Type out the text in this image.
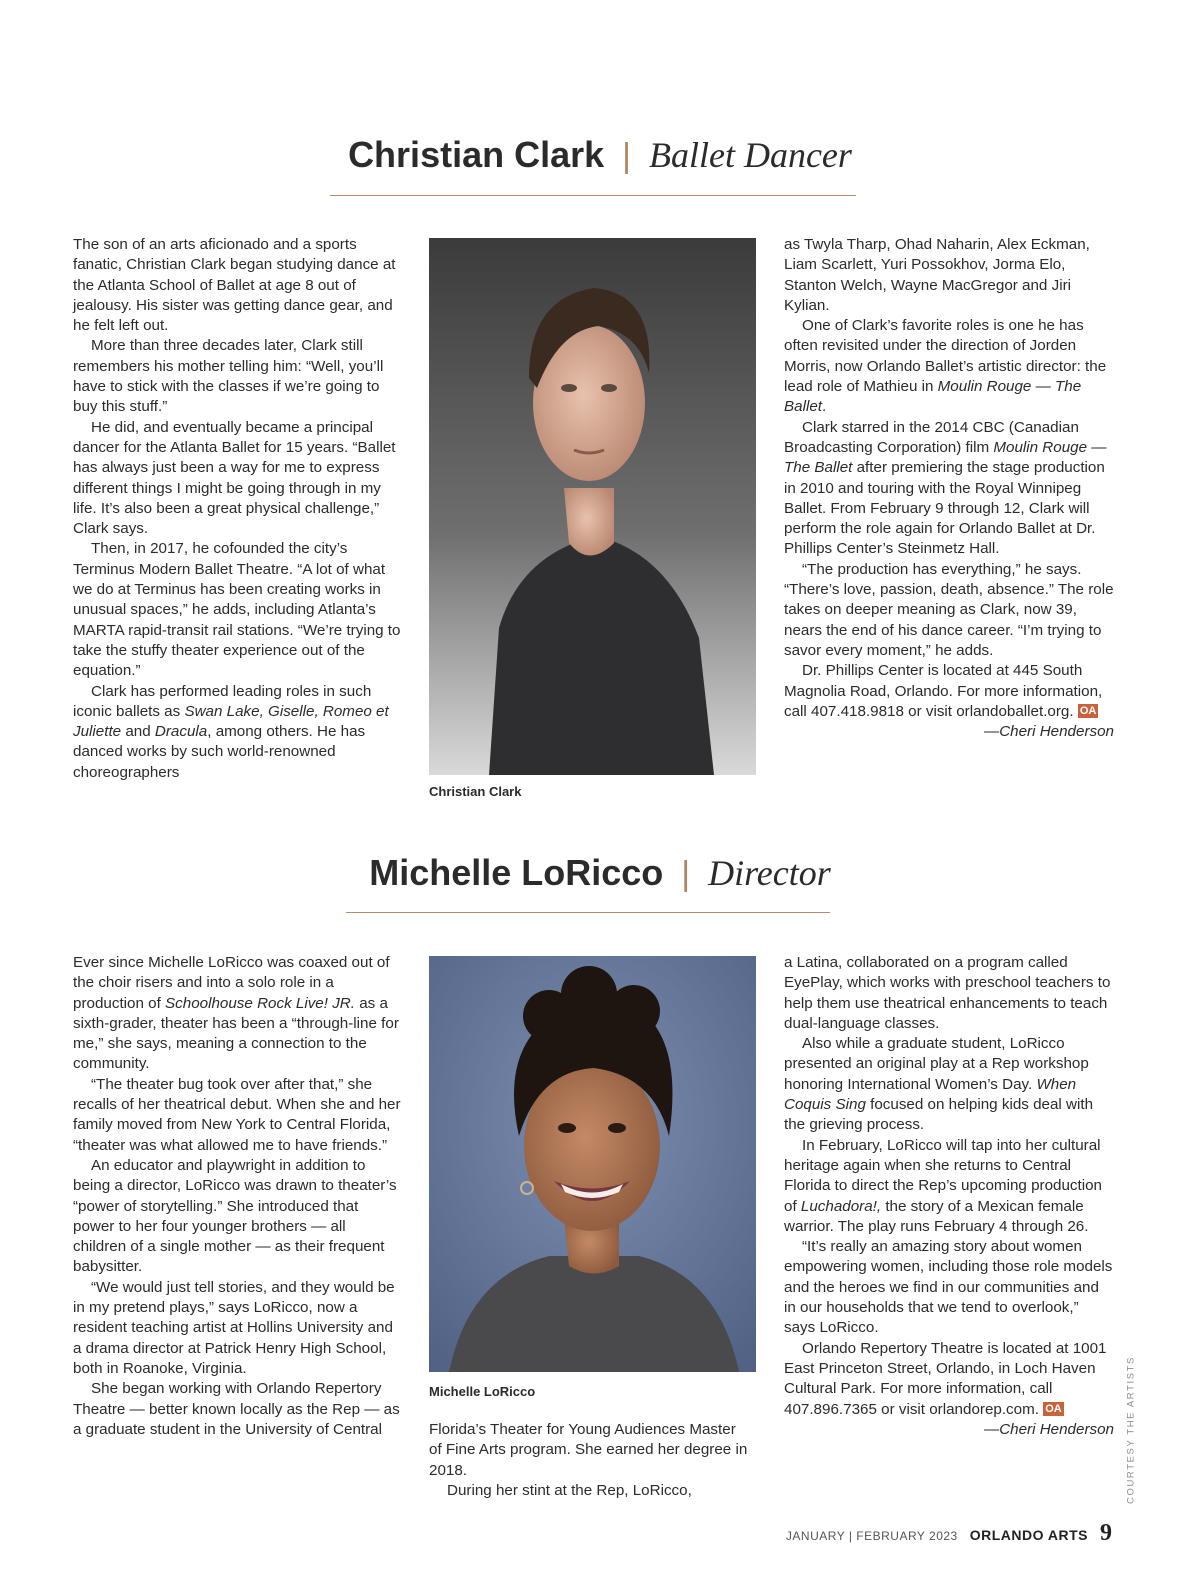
Christian Clark | Ballet Dancer

The son of an arts aficionado and a sports fanatic, Christian Clark began studying dance at the Atlanta School of Ballet at age 8 out of jealousy. His sister was getting dance gear, and he felt left out.

More than three decades later, Clark still remembers his mother telling him: “Well, you’ll have to stick with the classes if we’re going to buy this stuff.”

He did, and eventually became a principal dancer for the Atlanta Ballet for 15 years. “Ballet has always just been a way for me to express different things I might be going through in my life. It’s also been a great physical challenge,” Clark says.

Then, in 2017, he cofounded the city’s Terminus Modern Ballet Theatre. “A lot of what we do at Terminus has been creating works in unusual spaces,” he adds, including Atlanta’s MARTA rapid-transit rail stations. “We’re trying to take the stuffy theater experience out of the equation.”

Clark has performed leading roles in such iconic ballets as Swan Lake, Giselle, Romeo et Juliette and Dracula, among others. He has danced works by such world-renowned choreographers

Christian Clark

as Twyla Tharp, Ohad Naharin, Alex Eckman, Liam Scarlett, Yuri Possokhov, Jorma Elo, Stanton Welch, Wayne MacGregor and Jiri Kylian.

One of Clark’s favorite roles is one he has often revisited under the direction of Jorden Morris, now Orlando Ballet’s artistic director: the lead role of Mathieu in Moulin Rouge — The Ballet.

Clark starred in the 2014 CBC (Canadian Broadcasting Corporation) film Moulin Rouge — The Ballet after premiering the stage production in 2010 and touring with the Royal Winnipeg Ballet. From February 9 through 12, Clark will perform the role again for Orlando Ballet at Dr. Phillips Center’s Steinmetz Hall.

“The production has everything,” he says. “There’s love, passion, death, absence.” The role takes on deeper meaning as Clark, now 39, nears the end of his dance career. “I’m trying to savor every moment,” he adds.

Dr. Phillips Center is located at 445 South Magnolia Road, Orlando. For more information, call 407.418.9818 or visit orlandoballet.org. OA

—Cheri Henderson

Michelle LoRicco | Director

Ever since Michelle LoRicco was coaxed out of the choir risers and into a solo role in a production of Schoolhouse Rock Live! JR. as a sixth-grader, theater has been a “through-line for me,” she says, meaning a connection to the community.

“The theater bug took over after that,” she recalls of her theatrical debut. When she and her family moved from New York to Central Florida, “theater was what allowed me to have friends.”

An educator and playwright in addition to being a director, LoRicco was drawn to theater’s “power of storytelling.” She introduced that power to her four younger brothers — all children of a single mother — as their frequent babysitter.

“We would just tell stories, and they would be in my pretend plays,” says LoRicco, now a resident teaching artist at Hollins University and a drama director at Patrick Henry High School, both in Roanoke, Virginia.

She began working with Orlando Repertory Theatre — better known locally as the Rep — as a graduate student in the University of Central

Michelle LoRicco

Florida’s Theater for Young Audiences Master of Fine Arts program. She earned her degree in 2018.

During her stint at the Rep, LoRicco,

a Latina, collaborated on a program called EyePlay, which works with preschool teachers to help them use theatrical enhancements to teach dual-language classes.

Also while a graduate student, LoRicco presented an original play at a Rep workshop honoring International Women’s Day. When Coquis Sing focused on helping kids deal with the grieving process.

In February, LoRicco will tap into her cultural heritage again when she returns to Central Florida to direct the Rep’s upcoming production of Luchadora!, the story of a Mexican female warrior. The play runs February 4 through 26.

“It’s really an amazing story about women empowering women, including those role models and the heroes we find in our communities and in our households that we tend to overlook,” says LoRicco.

Orlando Repertory Theatre is located at 1001 East Princeton Street, Orlando, in Loch Haven Cultural Park. For more information, call 407.896.7365 or visit orlandorep.com. OA

—Cheri Henderson COURTESY THE ARTISTS
JANUARY | FEBRUARY 2023 ORLANDO ARTS 9
